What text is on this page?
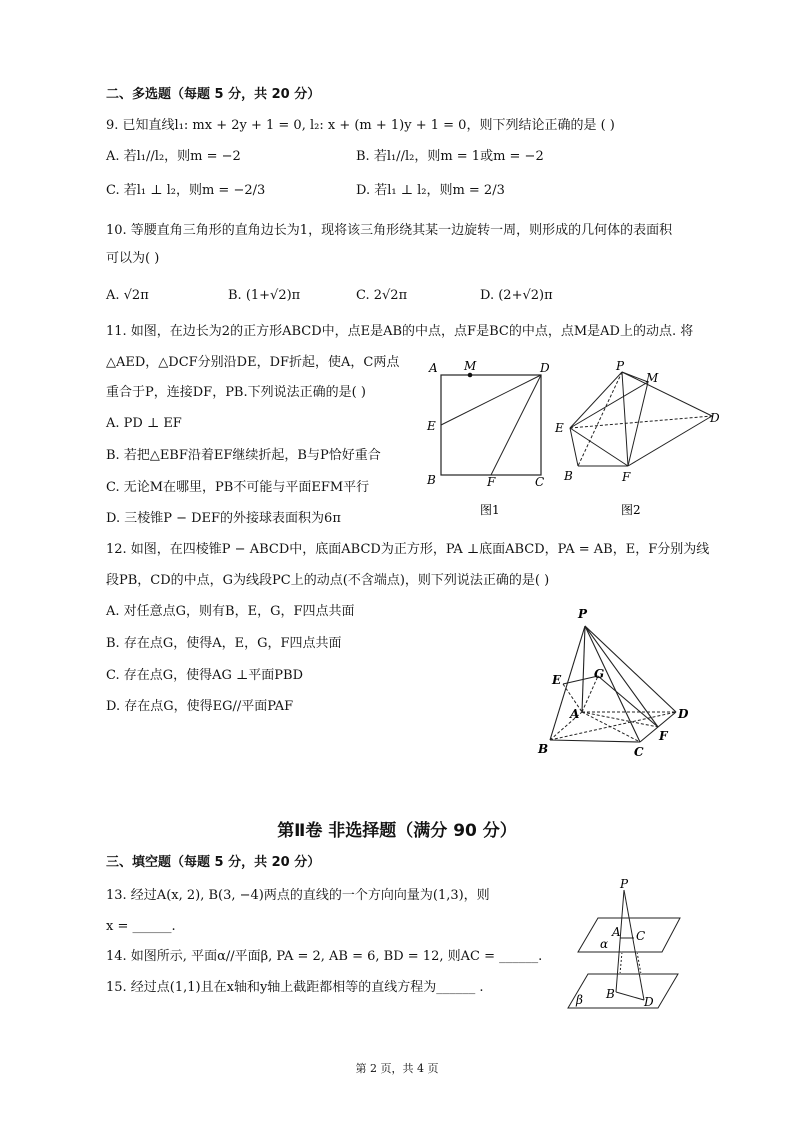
二、多选题（每题 5 分，共 20 分）
9. 已知直线l₁: mx + 2y + 1 = 0, l₂: x + (m + 1)y + 1 = 0，则下列结论正确的是 ( )
A. 若l₁//l₂，则m = −2	B. 若l₁//l₂，则m = 1或m = −2
C. 若l₁ ⊥ l₂，则m = −2/3	D. 若l₁ ⊥ l₂，则m = 2/3
10. 等腰直角三角形的直角边长为1，现将该三角形绕其某一边旋转一周，则形成的几何体的表面积
可以为( )
A. √2π	B. (1+√2)π	C. 2√2π	D. (2+√2)π
11. 如图，在边长为2的正方形ABCD中，点E是AB的中点，点F是BC的中点，点M是AD上的动点. 将
△AED，△DCF分别沿DE，DF折起，使A，C两点
重合于P，连接DF，PB.下列说法正确的是( )
A. PD ⊥ EF
B. 若把△EBF沿着EF继续折起，B与P恰好重合
C. 无论M在哪里，PB不可能与平面EFM平行
D. 三棱锥P − DEF的外接球表面积为6π
A M	D
E
B	F	C
图1
P
M
E
D
B	F
图2
12. 如图，在四棱锥P − ABCD中，底面ABCD为正方形，PA ⊥底面ABCD，PA = AB，E，F分别为线
段PB，CD的中点，G为线段PC上的动点(不含端点)，则下列说法正确的是( )
A. 对任意点G，则有B，E，G，F四点共面
B. 存在点G，使得A，E，G，F四点共面
C. 存在点G，使得AG ⊥平面PBD
D. 存在点G，使得EG//平面PAF
P
G
E
A	D
F
B	C
第Ⅱ卷 非选择题（满分 90 分）
三、填空题（每题 5 分，共 20 分）
13. 经过A(x, 2), B(3, −4)两点的直线的一个方向向量为(1,3)，则
x = ______.
14. 如图所示, 平面α//平面β, PA = 2, AB = 6, BD = 12, 则AC = ______.
15. 经过点(1,1)且在x轴和y轴上截距都相等的直线方程为______ .
P
A C
α
B
D
β
第 2 页，共 4 页
